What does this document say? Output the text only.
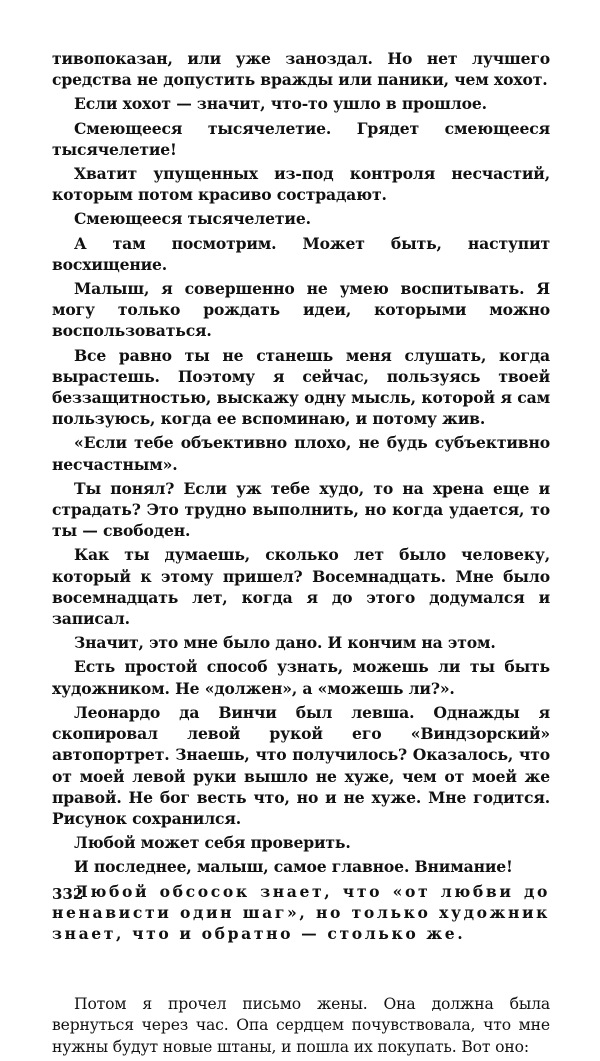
тивопоказан, или уже заноздал. Но нет лучшего средства не допустить вражды или паники, чем хохот.

Если хохот — значит, что-то ушло в прошлое.

Смеющееся тысячелетие. Грядет смеющееся тысячелетие!

Хватит упущенных из-под контроля несчастий, которым потом красиво сострадают.

Смеющееся тысячелетие.

А там посмотрим. Может быть, наступит восхищение.

Малыш, я совершенно не умею воспитывать. Я могу только рождать идеи, которыми можно воспользоваться.

Все равно ты не станешь меня слушать, когда вырастешь. Поэтому я сейчас, пользуясь твоей беззащитностью, выскажу одну мысль, которой я сам пользуюсь, когда ее вспоминаю, и потому жив.

«Если тебе объективно плохо, не будь субъективно несчастным».

Ты понял? Если уж тебе худо, то на хрена еще и страдать? Это трудно выполнить, но когда удается, то ты — свободен.

Как ты думаешь, сколько лет было человеку, который к этому пришел? Восемнадцать. Мне было восемнадцать лет, когда я до этого додумался и записал.

Значит, это мне было дано. И кончим на этом.

Есть простой способ узнать, можешь ли ты быть художником. Не «должен», а «можешь ли?».

Леонардо да Винчи был левша. Однажды я скопировал левой рукой его «Виндзорский» автопортрет. Знаешь, что получилось? Оказалось, что от моей левой руки вышло не хуже, чем от моей же правой. Не бог весть что, но и не хуже. Мне годится. Рисунок сохранился.

Любой может себя проверить.

И последнее, малыш, самое главное. Внимание!

Любой обсосок знает, что «от любви до ненависти один шаг», но только художник знает, что и обратно — столько же.

Потом я прочел письмо жены. Она должна была вернуться через час. Опа сердцем почувствовала, что мне нужны будут новые штаны, и пошла их покупать. Вот оно:

332
